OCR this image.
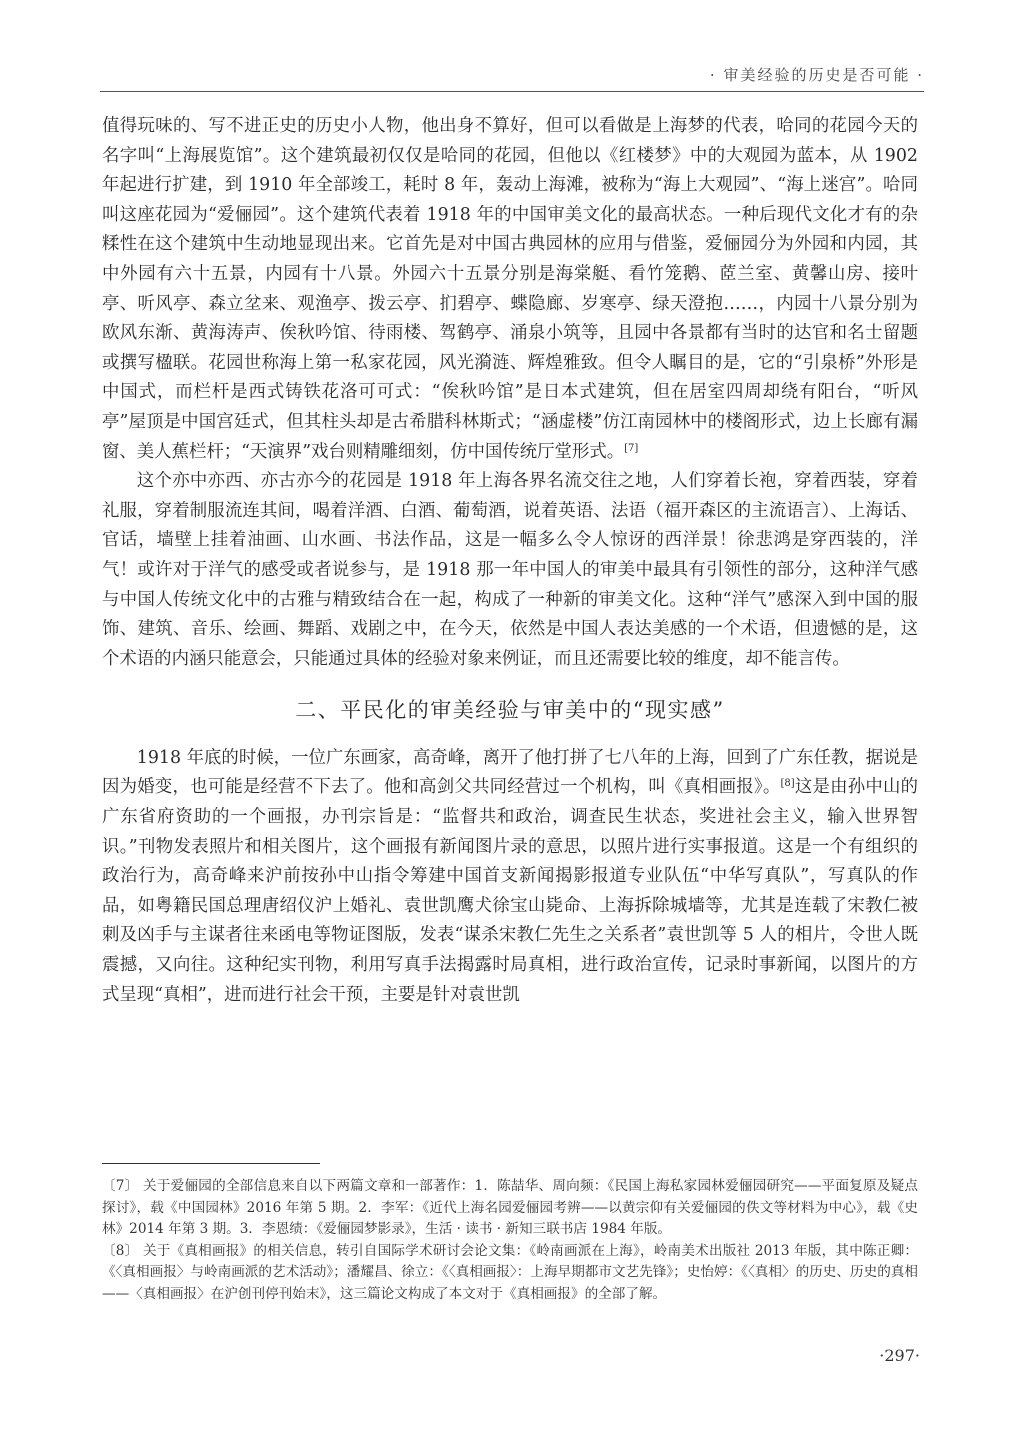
· 审美经验的历史是否可能 ·

值得玩味的、写不进正史的历史小人物，他出身不算好，但可以看做是上海梦的代表，哈同的花园今天的名字叫“上海展览馆”。这个建筑最初仅仅是哈同的花园，但他以《红楼梦》中的大观园为蓝本，从 1902 年起进行扩建，到 1910 年全部竣工，耗时 8 年，轰动上海滩，被称为“海上大观园”、“海上迷宫”。哈同叫这座花园为“爱俪园”。这个建筑代表着 1918 年的中国审美文化的最高状态。一种后现代文化才有的杂糅性在这个建筑中生动地显现出来。它首先是对中国古典园林的应用与借鉴，爱俪园分为外园和内园，其中外园有六十五景，内园有十八景。外园六十五景分别是海棠艇、看竹笼鹅、茝兰室、黄馨山房、接叶亭、听风亭、森立坌来、观渔亭、拨云亭、扪碧亭、蝶隐廊、岁寒亭、绿天澄抱……，内园十八景分别为欧风东渐、黄海涛声、俟秋吟馆、待雨楼、驾鹤亭、涌泉小筑等，且园中各景都有当时的达官和名士留题或撰写楹联。花园世称海上第一私家花园，风光漪涟、辉煌雅致。但令人瞩目的是，它的“引泉桥”外形是中国式，而栏杆是西式铸铁花洛可可式：“俟秋吟馆”是日本式建筑，但在居室四周却绕有阳台，“听风亭”屋顶是中国宫廷式，但其柱头却是古希腊科林斯式；“涵虚楼”仿江南园林中的楼阁形式，边上长廊有漏窗、美人蕉栏杆；“天演界”戏台则精雕细刻，仿中国传统厅堂形式。[7]

这个亦中亦西、亦古亦今的花园是 1918 年上海各界名流交往之地，人们穿着长袍，穿着西装，穿着礼服，穿着制服流连其间，喝着洋酒、白酒、葡萄酒，说着英语、法语（福开森区的主流语言）、上海话、官话，墙壁上挂着油画、山水画、书法作品，这是一幅多么令人惊讶的西洋景！徐悲鸿是穿西装的，洋气！或许对于洋气的感受或者说参与，是 1918 那一年中国人的审美中最具有引领性的部分，这种洋气感与中国人传统文化中的古雅与精致结合在一起，构成了一种新的审美文化。这种“洋气”感深入到中国的服饰、建筑、音乐、绘画、舞蹈、戏剧之中，在今天，依然是中国人表达美感的一个术语，但遗憾的是，这个术语的内涵只能意会，只能通过具体的经验对象来例证，而且还需要比较的维度，却不能言传。

二、平民化的审美经验与审美中的“现实感”

1918 年底的时候，一位广东画家，高奇峰，离开了他打拼了七八年的上海，回到了广东任教，据说是因为婚变，也可能是经营不下去了。他和高剑父共同经营过一个机构，叫《真相画报》。[8]这是由孙中山的广东省府资助的一个画报，办刊宗旨是：“监督共和政治，调查民生状态，奖进社会主义，输入世界智识。”刊物发表照片和相关图片，这个画报有新闻图片录的意思，以照片进行实事报道。这是一个有组织的政治行为，高奇峰来沪前按孙中山指令筹建中国首支新闻揭影报道专业队伍“中华写真队”，写真队的作品，如粤籍民国总理唐绍仪沪上婚礼、袁世凯鹰犬徐宝山毙命、上海拆除城墙等，尤其是连载了宋教仁被刺及凶手与主谋者往来函电等物证图版，发表“谋杀宋教仁先生之关系者”袁世凯等 5 人的相片，令世人既震撼，又向往。这种纪实刊物，利用写真手法揭露时局真相，进行政治宣传，记录时事新闻，以图片的方式呈现“真相”，进而进行社会干预，主要是针对袁世凯

〔7〕 关于爱俪园的全部信息来自以下两篇文章和一部著作：1．陈喆华、周向频：《民国上海私家园林爱俪园研究——平面复原及疑点探讨》，载《中国园林》2016 年第 5 期。2．李军：《近代上海名园爱俪园考辨——以黄宗仰有关爱俪园的佚文等材料为中心》，载《史林》2014 年第 3 期。3．李恩绩：《爱俪园梦影录》，生活 · 读书 · 新知三联书店 1984 年版。

〔8〕 关于《真相画报》的相关信息，转引自国际学术研讨会论文集：《岭南画派在上海》，岭南美术出版社 2013 年版，其中陈正卿：《〈真相画报〉与岭南画派的艺术活动》；潘耀昌、徐立：《〈真相画报〉：上海早期都市文艺先锋》；史怡婷：《〈真相〉的历史、历史的真相——〈真相画报〉在沪创刊停刊始末》，这三篇论文构成了本文对于《真相画报》的全部了解。

·297·
